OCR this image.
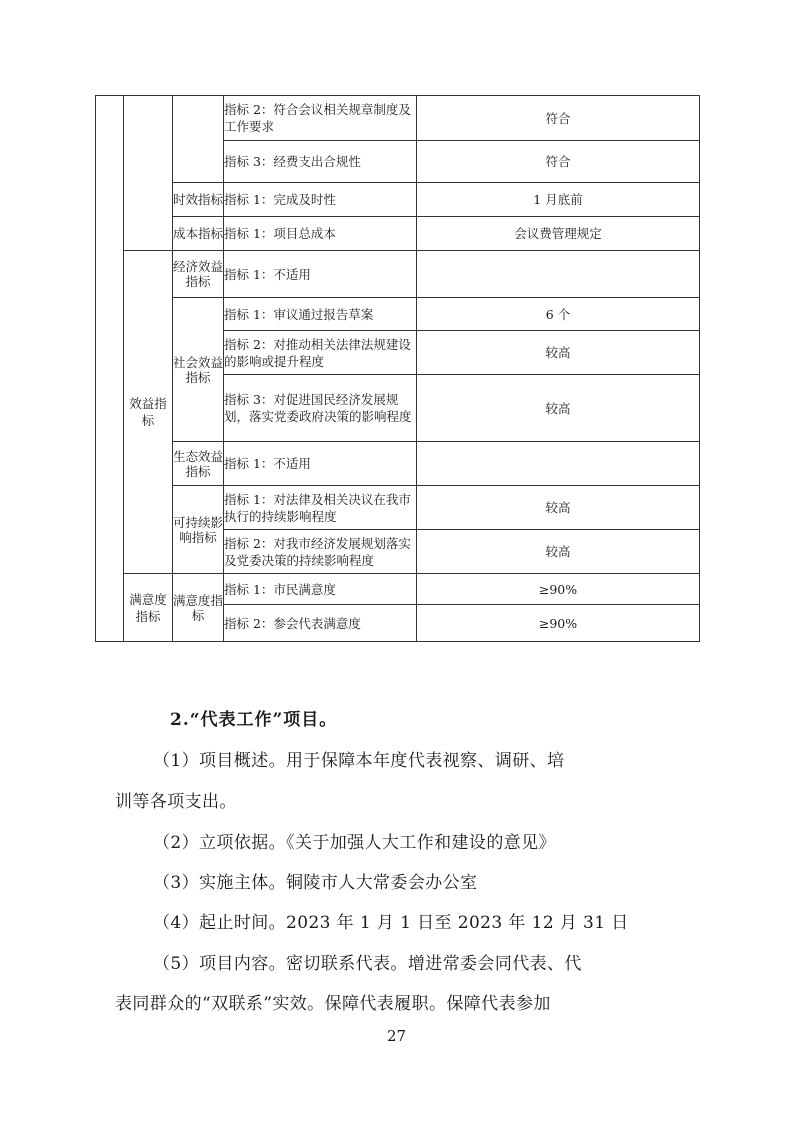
			指标 2：符合会议相关规章制度及工作要求	符合
			指标 3：经费支出合规性	符合
		时效指标	指标 1：完成及时性	1 月底前
		成本指标	指标 1：项目总成本	会议费管理规定
	效益指标	经济效益指标	指标 1：不适用	
		社会效益指标	指标 1：审议通过报告草案	6 个
			指标 2：对推动相关法律法规建设的影响或提升程度	较高
			指标 3：对促进国民经济发展规划，落实党委政府决策的影响程度	较高
		生态效益指标	指标 1：不适用	
		可持续影响指标	指标 1：对法律及相关决议在我市执行的持续影响程度	较高
			指标 2：对我市经济发展规划落实及党委决策的持续影响程度	较高
	满意度指标	满意度指标	指标 1：市民满意度	≥90%
			指标 2：参会代表满意度	≥90%

2.“代表工作”项目。

（1）项目概述。用于保障本年度代表视察、调研、培

训等各项支出。

（2）立项依据。《关于加强人大工作和建设的意见》

（3）实施主体。铜陵市人大常委会办公室

（4）起止时间。2023 年 1 月 1 日至 2023 年 12 月 31 日

（5）项目内容。密切联系代表。增进常委会同代表、代

表同群众的“双联系”实效。保障代表履职。保障代表参加

27
